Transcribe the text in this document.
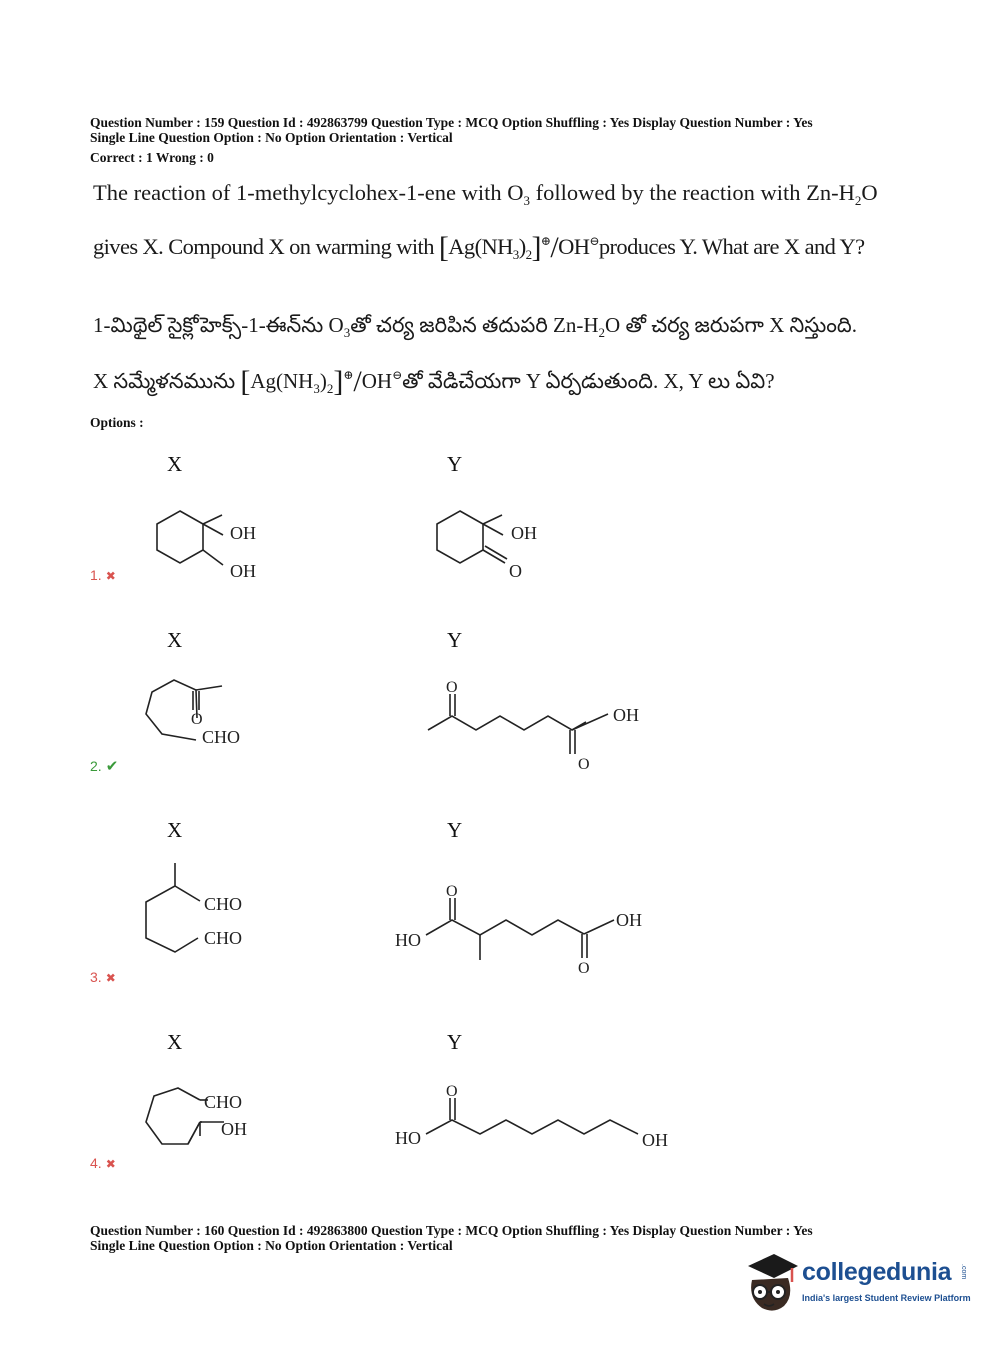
Question Number : 159 Question Id : 492863799 Question Type : MCQ Option Shuffling : Yes Display Question Number : Yes
Single Line Question Option : No Option Orientation : Vertical
Correct : 1 Wrong : 0
The reaction of 1-methylcyclohex-1-ene with $O_3$ followed by the reaction with $Zn-H_2O$
gives X. Compound X on warming with $[Ag(NH_3)_2]^\oplus/OH^⊖produces$ Y. What are X and Y?
1-మిథైల్ సైక్లోహెక్స్-1-ఈన్‌ను $O_3తో$ చర్య జరిపిన తదుపరి $Zn-H_2O$ తో చర్య జరుపగా X నిస్తుంది.
X సమ్మేళనమును $[Ag(NH_3)_2]^\oplus/OH^⊖తో$ వేడిచేయగా Y ఏర్పడుతుంది. X, Y లు ఏవి?
Options :
X	Y
OH
OH
OH
O
1. ✖
X	Y
O
CHO
O
OH
O
2. ✔
X	Y
CHO
CHO
O
HO
OH
O
3. ✖
X	Y
CHO
OH
O
HO	OH
4. ✖
Question Number : 160 Question Id : 492863800 Question Type : MCQ Option Shuffling : Yes Display Question Number : Yes
Single Line Question Option : No Option Orientation : Vertical
collegedunia .com
India's largest Student Review Platform
